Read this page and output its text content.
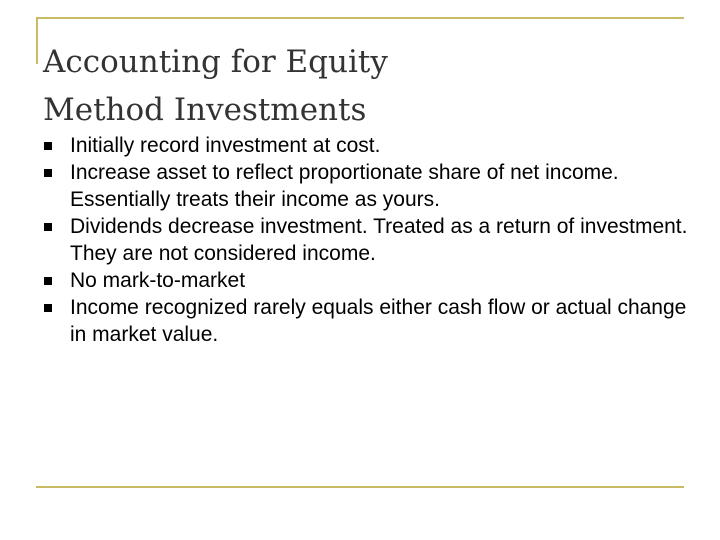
Accounting for Equity
Method Investments
Initially record investment at cost.
Increase asset to reflect proportionate share of net income. Essentially treats their income as yours.
Dividends decrease investment. Treated as a return of investment. They are not considered income.
No mark-to-market
Income recognized rarely equals either cash flow or actual change in market value.
